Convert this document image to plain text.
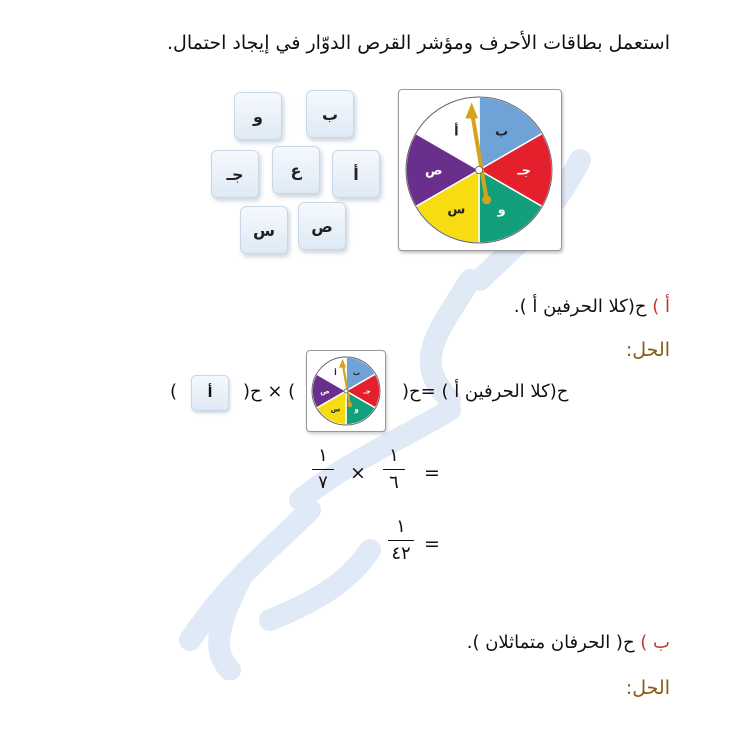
استعمل بطاقات الأحرف ومؤشر القرص الدوّار في إيجاد احتمال.
ب
و
أ
ع
جـ
ص
س
ب
جـ
و
س
ص
أ
أ ) ح(كلا الحرفين أ ).
الحل:
ح(كلا الحرفين أ ) =ح(
ب
جـ
و
س
ص
أ
) × ح(
أ
)
١
٧ ×
١
٦ =
١
٤٢ =
ب ) ح( الحرفان متماثلان ).
الحل:
